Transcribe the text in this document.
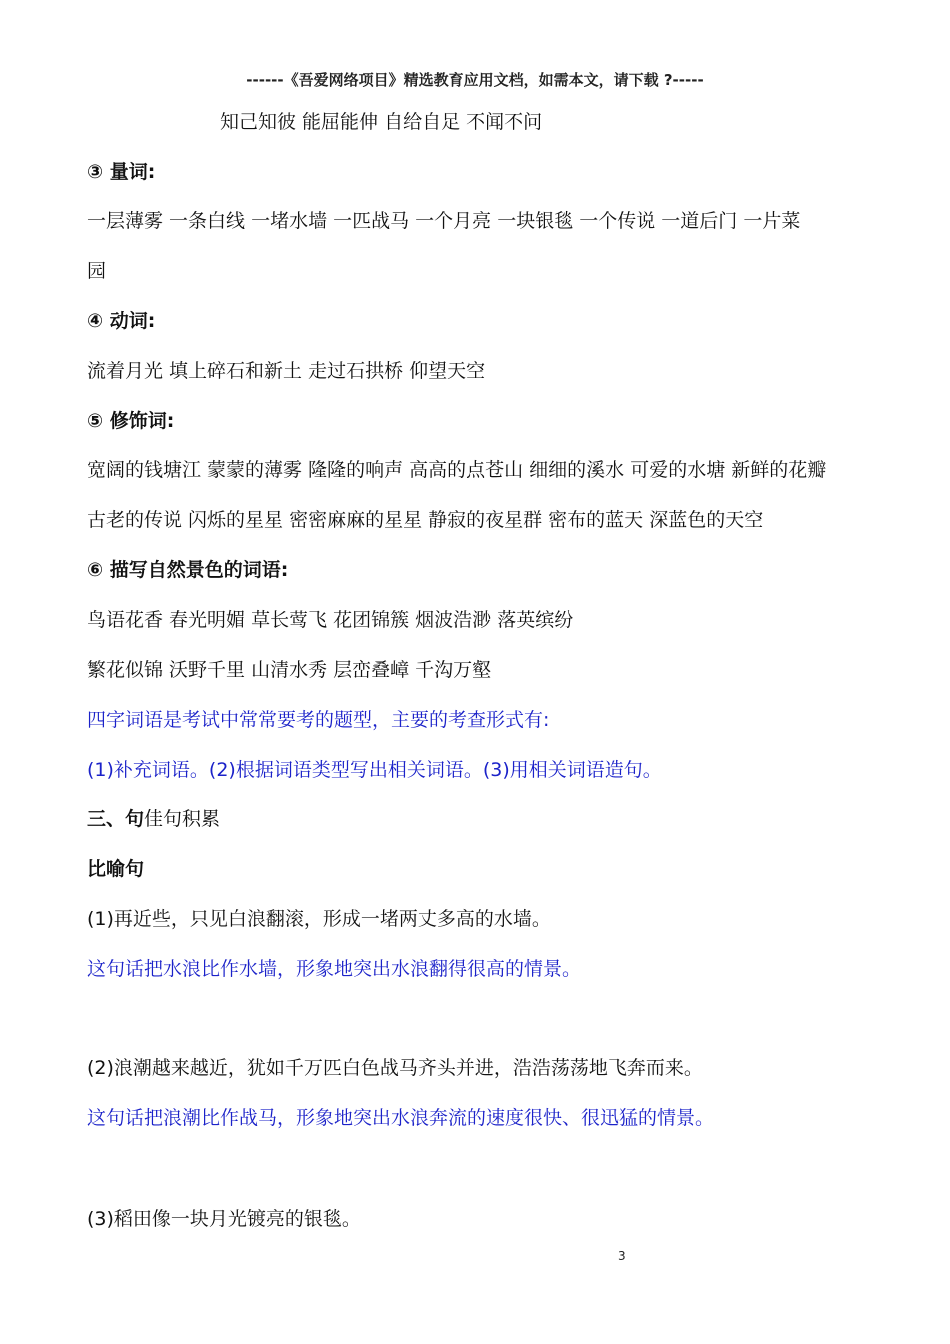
------《吾爱网络项目》精选教育应用文档，如需本文，请下载 ?-----
知己知彼 能屈能伸 自给自足 不闻不问
③ 量词:
一层薄雾 一条白线 一堵水墙 一匹战马 一个月亮 一块银毯 一个传说 一道后门 一片菜
园
④ 动词:
流着月光 填上碎石和新土 走过石拱桥 仰望天空
⑤ 修饰词:
宽阔的钱塘江 蒙蒙的薄雾 隆隆的响声 高高的点苍山 细细的溪水 可爱的水塘 新鲜的花瓣
古老的传说 闪烁的星星 密密麻麻的星星 静寂的夜星群 密布的蓝天 深蓝色的天空
⑥ 描写自然景色的词语:
鸟语花香 春光明媚 草长莺飞 花团锦簇 烟波浩渺 落英缤纷
繁花似锦 沃野千里 山清水秀 层峦叠嶂 千沟万壑
四字词语是考试中常常要考的题型，主要的考查形式有:
(1)补充词语。(2)根据词语类型写出相关词语。(3)用相关词语造句。
三、句佳句积累
比喻句
(1)再近些，只见白浪翻滚，形成一堵两丈多高的水墙。
这句话把水浪比作水墙，形象地突出水浪翻得很高的情景。
(2)浪潮越来越近，犹如千万匹白色战马齐头并进，浩浩荡荡地飞奔而来。
这句话把浪潮比作战马，形象地突出水浪奔流的速度很快、很迅猛的情景。
(3)稻田像一块月光镀亮的银毯。
3
